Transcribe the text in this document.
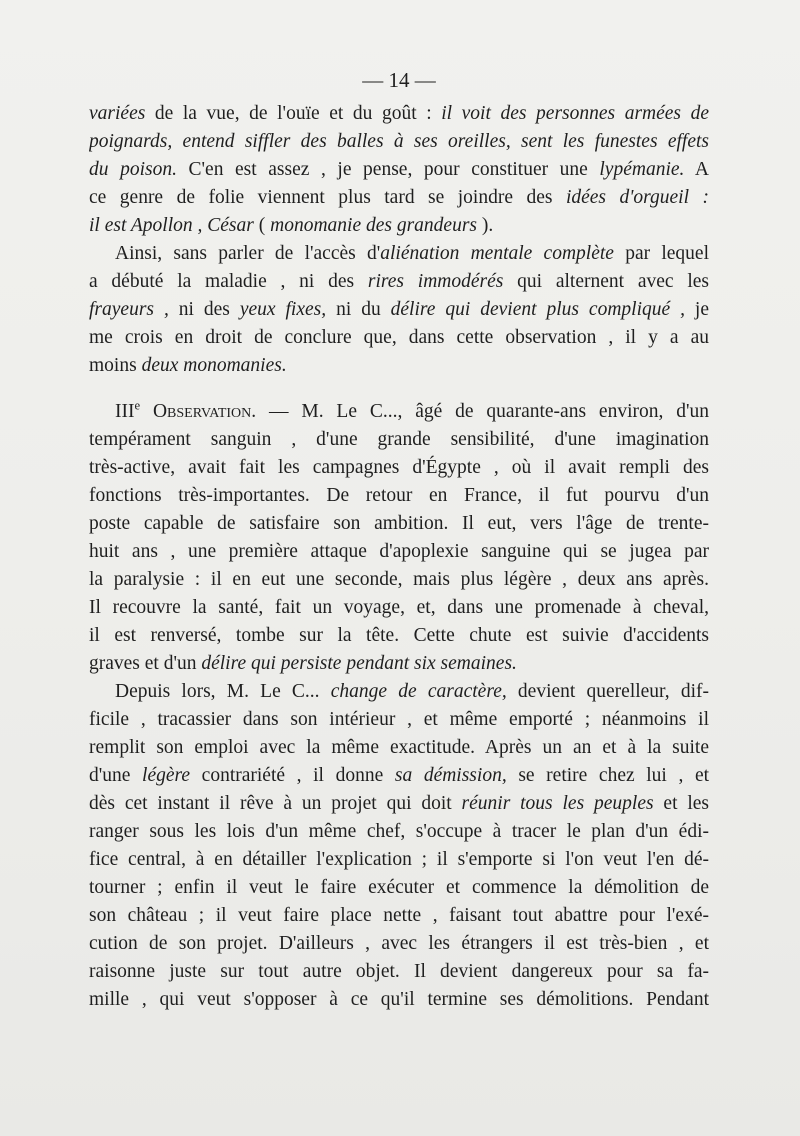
— 14 —
variées de la vue, de l'ouïe et du goût : il voit des personnes armées de
poignards, entend siffler des balles à ses oreilles, sent les funestes effets
du poison. C'en est assez , je pense, pour constituer une lypémanie. A
ce genre de folie viennent plus tard se joindre des idées d'orgueil :
il est Apollon , César ( monomanie des grandeurs ).
Ainsi, sans parler de l'accès d'aliénation mentale complète par lequel
a débuté la maladie , ni des rires immodérés qui alternent avec les
frayeurs , ni des yeux fixes, ni du délire qui devient plus compliqué , je
me crois en droit de conclure que, dans cette observation , il y a au
moins deux monomanies.
IIIe Observation. — M. Le C..., âgé de quarante-ans environ, d'un
tempérament sanguin , d'une grande sensibilité, d'une imagination
très-active, avait fait les campagnes d'Égypte , où il avait rempli des
fonctions très-importantes. De retour en France, il fut pourvu d'un
poste capable de satisfaire son ambition. Il eut, vers l'âge de trente-
huit ans , une première attaque d'apoplexie sanguine qui se jugea par
la paralysie : il en eut une seconde, mais plus légère , deux ans après.
Il recouvre la santé, fait un voyage, et, dans une promenade à cheval,
il est renversé, tombe sur la tête. Cette chute est suivie d'accidents
graves et d'un délire qui persiste pendant six semaines.
Depuis lors, M. Le C... change de caractère, devient querelleur, dif-
ficile , tracassier dans son intérieur , et même emporté ; néanmoins il
remplit son emploi avec la même exactitude. Après un an et à la suite
d'une légère contrariété , il donne sa démission, se retire chez lui , et
dès cet instant il rêve à un projet qui doit réunir tous les peuples et les
ranger sous les lois d'un même chef, s'occupe à tracer le plan d'un édi-
fice central, à en détailler l'explication ; il s'emporte si l'on veut l'en dé-
tourner ; enfin il veut le faire exécuter et commence la démolition de
son château ; il veut faire place nette , faisant tout abattre pour l'exé-
cution de son projet. D'ailleurs , avec les étrangers il est très-bien , et
raisonne juste sur tout autre objet. Il devient dangereux pour sa fa-
mille , qui veut s'opposer à ce qu'il termine ses démolitions. Pendant
